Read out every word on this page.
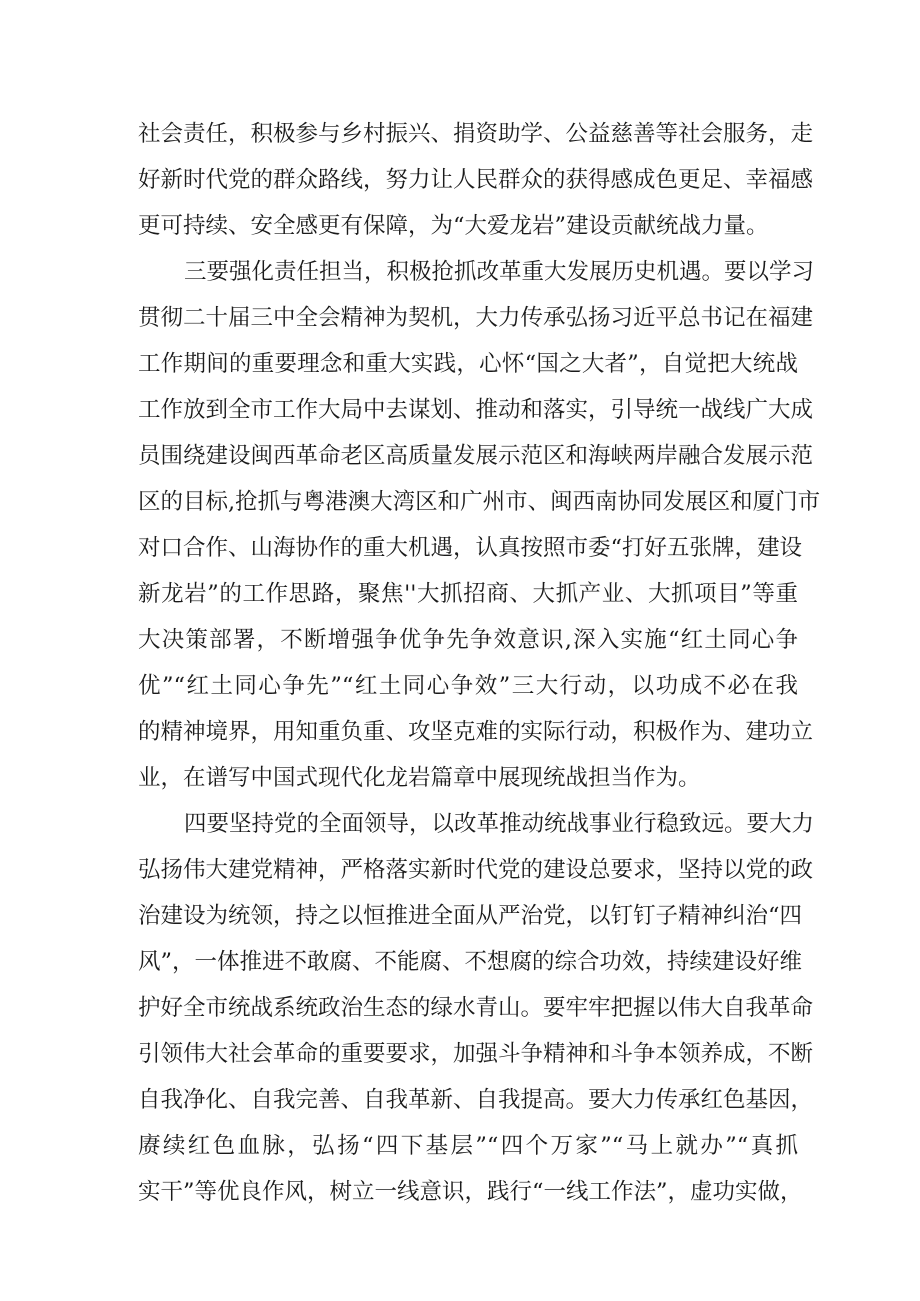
社会责任，积极参与乡村振兴、捐资助学、公益慈善等社会服务，走
好新时代党的群众路线，努力让人民群众的获得感成色更足、幸福感
更可持续、安全感更有保障，为“大爱龙岩”建设贡献统战力量。
三要强化责任担当，积极抢抓改革重大发展历史机遇。要以学习
贯彻二十届三中全会精神为契机，大力传承弘扬习近平总书记在福建
工作期间的重要理念和重大实践，心怀“国之大者”，自觉把大统战
工作放到全市工作大局中去谋划、推动和落实，引导统一战线广大成
员围绕建设闽西革命老区高质量发展示范区和海峡两岸融合发展示范
区的目标,抢抓与粤港澳大湾区和广州市、闽西南协同发展区和厦门市
对口合作、山海协作的重大机遇，认真按照市委“打好五张牌，建设
新龙岩”的工作思路，聚焦''大抓招商、大抓产业、大抓项目”等重
大决策部署，不断增强争优争先争效意识,深入实施“红土同心争
优”“红土同心争先”“红土同心争效”三大行动，以功成不必在我
的精神境界，用知重负重、攻坚克难的实际行动，积极作为、建功立
业，在谱写中国式现代化龙岩篇章中展现统战担当作为。
四要坚持党的全面领导，以改革推动统战事业行稳致远。要大力
弘扬伟大建党精神，严格落实新时代党的建设总要求，坚持以党的政
治建设为统领，持之以恒推进全面从严治党，以钉钉子精神纠治“四
风”，一体推进不敢腐、不能腐、不想腐的综合功效，持续建设好维
护好全市统战系统政治生态的绿水青山。要牢牢把握以伟大自我革命
引领伟大社会革命的重要要求，加强斗争精神和斗争本领养成，不断
自我净化、自我完善、自我革新、自我提高。要大力传承红色基因，
赓续红色血脉，弘扬“四下基层”“四个万家”“马上就办”“真抓
实干”等优良作风，树立一线意识，践行“一线工作法”，虚功实做，
